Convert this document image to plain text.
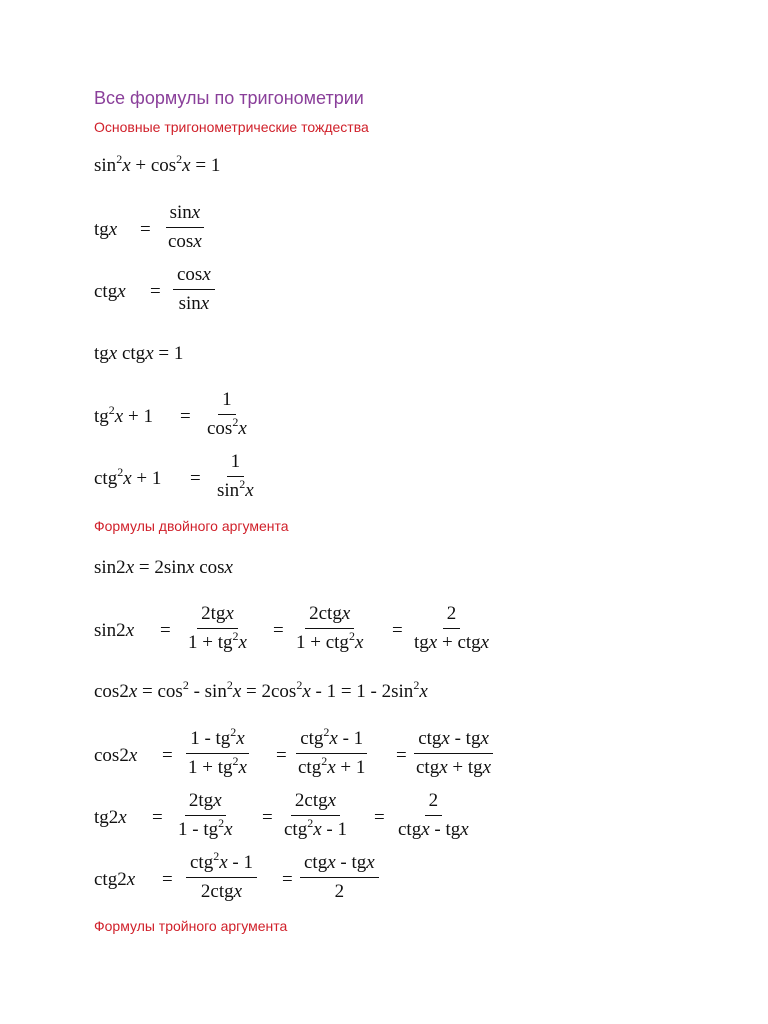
Все формулы по тригонометрии
Основные тригонометрические тождества
$\sin^2x + \cos^2x = 1$
tgx = $\frac{\sin x}{\cos x}$
ctgx = $\frac{\cos x}{\sin x}$
tgx ctgx = 1
$tg^2x + 1 = \frac{1}{\cos^2x}$
$ctg^2x + 1 = \frac{1}{\sin^2x}$
Формулы двойного аргумента
sin2x = 2sinx cosx
sin2x =
2tgx
$1 + tg^2x$
=
2ctgx
1 + ctg$^2$x
=
2
tgx + ctgx
$\cos 2x = \cos^2 - \sin^2x = 2\cos^2x - 1 = 1 - 2\sin^2x$
$\cos 2x = \frac{1 - tg^2x}{1 + tg^2x}$ =
ctg$^2$x - 1
ctg$^2$x + 1
=
ctgx - tgx
ctgx + tgx
tg2x =
2tgx
$1 - tg^2x$
=
2ctgx
ctg$^2$x - 1
=
2
ctgx - tgx
ctg2x =
ctg$^2$x - 1
2ctgx
=
ctgx - tgx
2
Формулы тройного аргумента
